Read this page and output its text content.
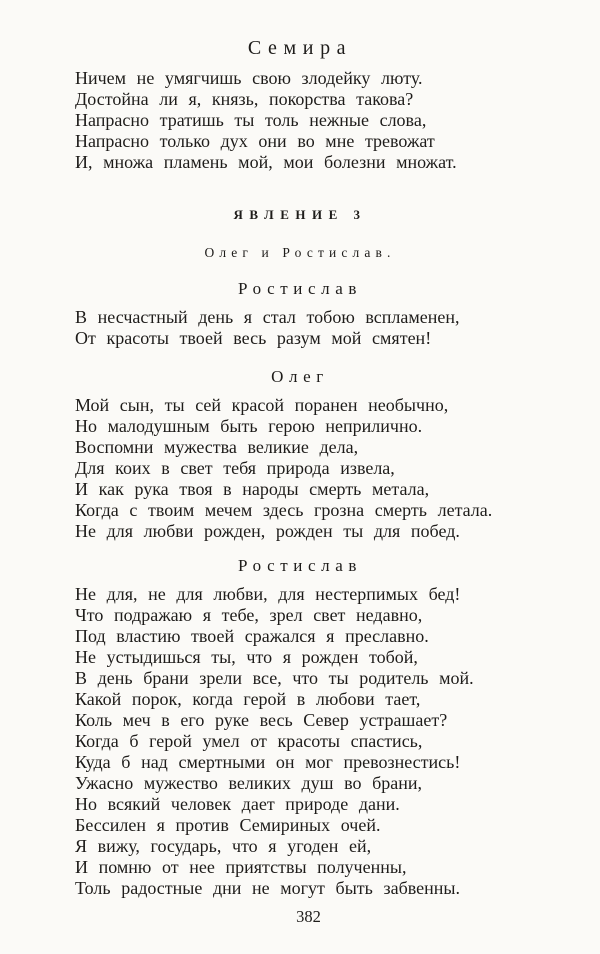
Семира
Ничем не умягчишь свою злодейку люту.
Достойна ли я, князь, покорства такова?
Напрасно тратишь ты толь нежные слова,
Напрасно только дух они во мне тревожат
И, множа пламень мой, мои болезни множат.
ЯВЛЕНИЕ 3
Олег и Ростислав.
Ростислав
В несчастный день я стал тобою вспламенен,
От красоты твоей весь разум мой смятен!
Олег
Мой сын, ты сей красой поранен необычно,
Но малодушным быть герою неприлично.
Воспомни мужества великие дела,
Для коих в свет тебя природа извела,
И как рука твоя в народы смерть метала,
Когда с твоим мечем здесь грозна смерть летала.
Не для любви рожден, рожден ты для побед.
Ростислав
Не для, не для любви, для нестерпимых бед!
Что подражаю я тебе, зрел свет недавно,
Под властию твоей сражался я преславно.
Не устыдишься ты, что я рожден тобой,
В день брани зрели все, что ты родитель мой.
Какой порок, когда герой в любови тает,
Коль меч в его руке весь Север устрашает?
Когда б герой умел от красоты спастись,
Куда б над смертными он мог превознестись!
Ужасно мужество великих душ во брани,
Но всякий человек дает природе дани.
Бессилен я против Семириных очей.
Я вижу, государь, что я угоден ей,
И помню от нее приятствы полученны,
Толь радостные дни не могут быть забвенны.
382
